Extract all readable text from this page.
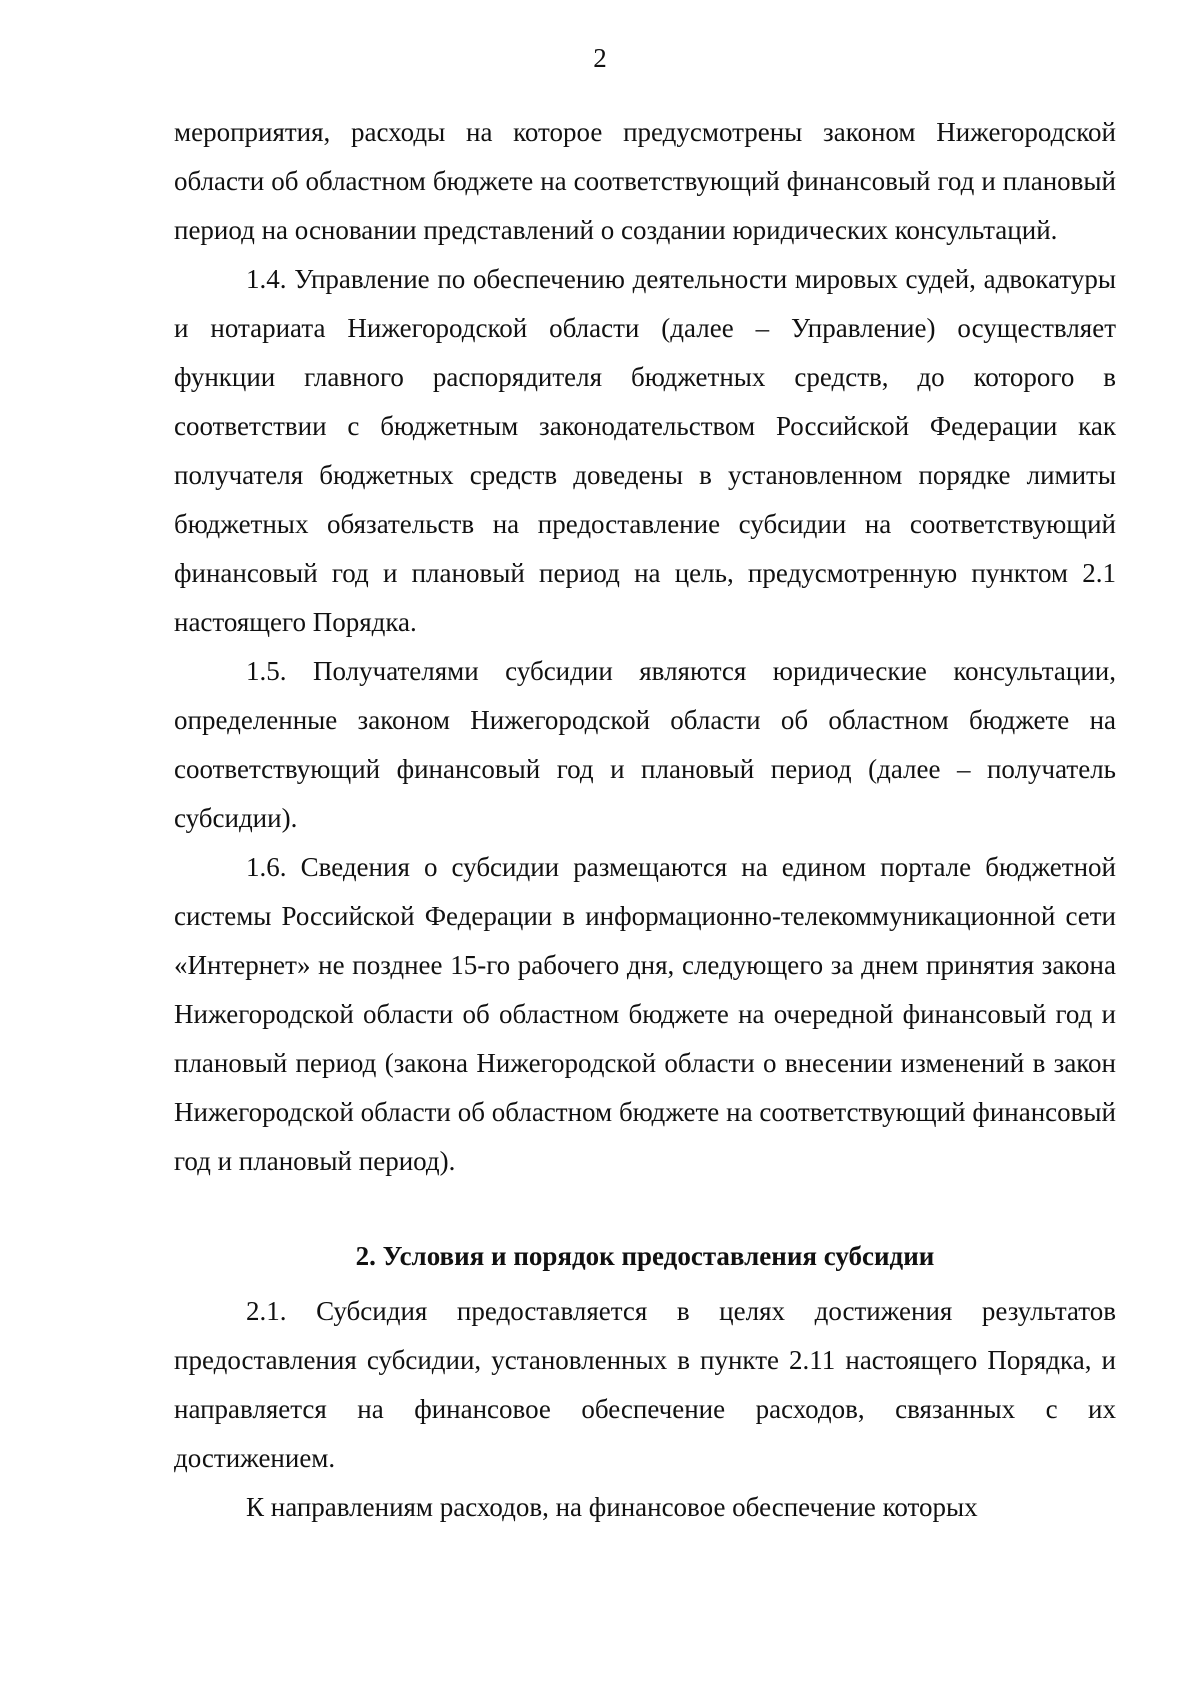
2

мероприятия, расходы на которое предусмотрены законом Нижегородской области об областном бюджете на соответствующий финансовый год и плановый период на основании представлений о создании юридических консультаций.

1.4. Управление по обеспечению деятельности мировых судей, адвокатуры и нотариата Нижегородской области (далее – Управление) осуществляет функции главного распорядителя бюджетных средств, до которого в соответствии с бюджетным законодательством Российской Федерации как получателя бюджетных средств доведены в установленном порядке лимиты бюджетных обязательств на предоставление субсидии на соответствующий финансовый год и плановый период на цель, предусмотренную пунктом 2.1 настоящего Порядка.

1.5. Получателями субсидии являются юридические консультации, определенные законом Нижегородской области об областном бюджете на соответствующий финансовый год и плановый период (далее – получатель субсидии).

1.6. Сведения о субсидии размещаются на едином портале бюджетной системы Российской Федерации в информационно-телекоммуникационной сети «Интернет» не позднее 15-го рабочего дня, следующего за днем принятия закона Нижегородской области об областном бюджете на очередной финансовый год и плановый период (закона Нижегородской области о внесении изменений в закон Нижегородской области об областном бюджете на соответствующий финансовый год и плановый период).

2. Условия и порядок предоставления субсидии

2.1. Субсидия предоставляется в целях достижения результатов предоставления субсидии, установленных в пункте 2.11 настоящего Порядка, и направляется на финансовое обеспечение расходов, связанных с их достижением.

К направлениям расходов, на финансовое обеспечение которых
